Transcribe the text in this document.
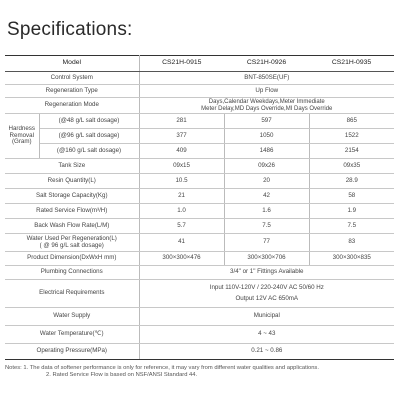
Specifications:
Model		CS21H-0915	CS21H-0926	CS21H-0935
Control System		BNT-850SE(UF)		
Regeneration Type		Up Flow		
Regeneration Mode		Days,Calendar Weekdays,Meter Immediate
Meter Delay,MD Days Override,MI Days Override		

Hardness Removal (Gram)	(@48 g/L salt dosage)	281	597	865
	(@96 g/L salt dosage)	377	1050	1522
	(@160 g/L salt dosage)	409	1486	2154
Tank Size		09x15	09x26	09x35
Resin Quantity(L)		10.5	20	28.9
Salt Storage Capacity(Kg)		21	42	58
Rated Service Flow(m³/H)		1.0	1.6	1.9
Back Wash Flow Rate(L/M)		5.7	7.5	7.5

Water Used Per Regeneration(L)
( @ 96 g/L salt dosage)		41	77	83
Product Dimension(DxWxH mm)		300×300×476	300×300×706	300×300×835
Plumbing Connections		3/4" or 1" Fittings Available		
Electrical Requirements		Input 110V-120V / 220-240V AC 50/60 Hz
Output 12V AC 650mA		

Water Supply		Municipal		
Water Temperature(℃)		4 ~ 43		
Operating Pressure(MPa)		0.21 ~ 0.86		
Notes: 1. The data of softener performance is only for reference, it may vary from different water qualities and applications.
2. Rated Service Flow is based on NSF/ANSI Standard 44.
